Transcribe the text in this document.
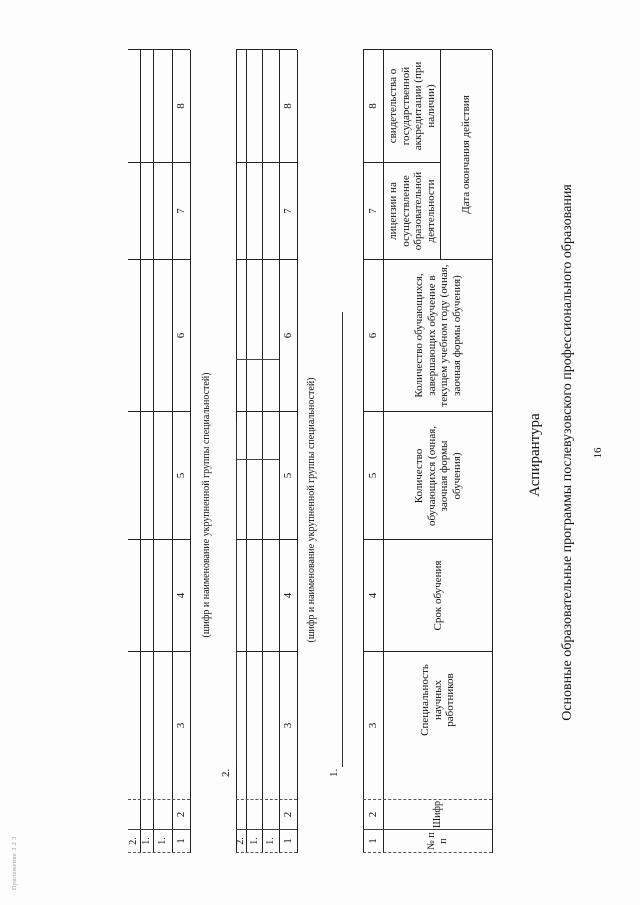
16
Основные образовательные программы послевузовского профессионального образования
Аспирантура
Приложение 3 2 3	№ п п
Шифр
Специальность научных работников
Срок обучения
Количество обучающихся (очная, заочная формы обучения)
Количество обучающихся, завершающих обучение в текущем учебном году (очная, заочная формы обучения)
Дата окончания действия
лицензии на осуществление образовательной деятельности
свидетельства о государственной аккредитации (при наличии)
1
2
3
4
5
6
7
8
1.
(шифр и наименование укрупненной группы специальностей)
1
2
3
4
5
6
7
8
1.
1.
2.
2.
(шифр и наименование укрупненной группы специальностей)
1
2
3
4
5
6
7
8
1.
1.
2.
